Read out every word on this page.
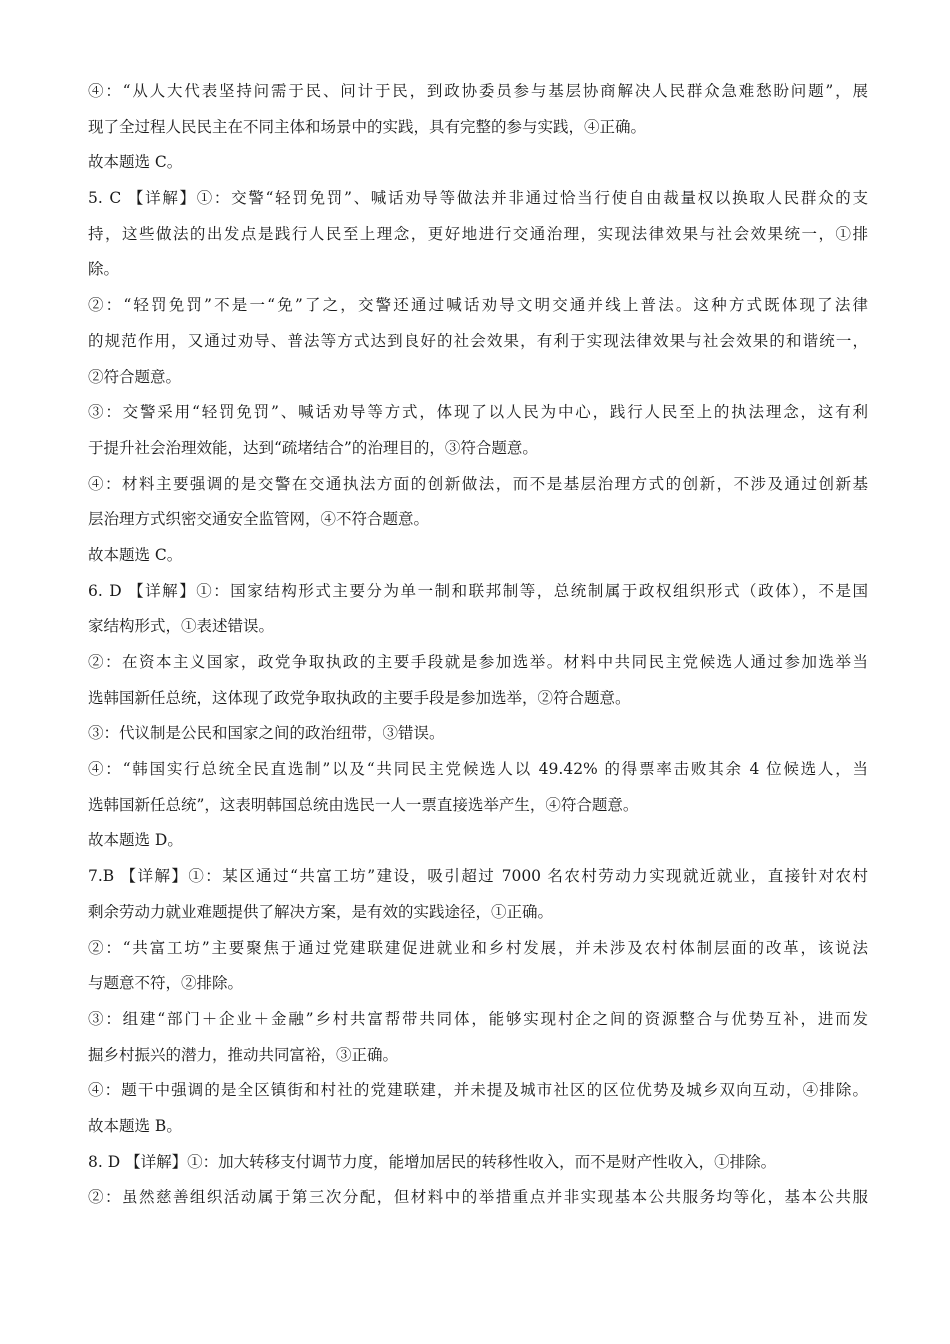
④：“从人大代表坚持问需于民、问计于民，到政协委员参与基层协商解决人民群众急难愁盼问题”，展
现了全过程人民民主在不同主体和场景中的实践，具有完整的参与实践，④正确。
故本题选 C。
5. C 【详解】①：交警“轻罚免罚”、喊话劝导等做法并非通过恰当行使自由裁量权以换取人民群众的支
持，这些做法的出发点是践行人民至上理念，更好地进行交通治理，实现法律效果与社会效果统一，①排
除。
②：“轻罚免罚”不是一“免”了之，交警还通过喊话劝导文明交通并线上普法。这种方式既体现了法律
的规范作用，又通过劝导、普法等方式达到良好的社会效果，有利于实现法律效果与社会效果的和谐统一，
②符合题意。
③：交警采用“轻罚免罚”、喊话劝导等方式，体现了以人民为中心，践行人民至上的执法理念，这有利
于提升社会治理效能，达到“疏堵结合”的治理目的，③符合题意。
④：材料主要强调的是交警在交通执法方面的创新做法，而不是基层治理方式的创新，不涉及通过创新基
层治理方式织密交通安全监管网，④不符合题意。
故本题选 C。
6. D 【详解】①：国家结构形式主要分为单一制和联邦制等，总统制属于政权组织形式（政体），不是国
家结构形式，①表述错误。
②：在资本主义国家，政党争取执政的主要手段就是参加选举。材料中共同民主党候选人通过参加选举当
选韩国新任总统，这体现了政党争取执政的主要手段是参加选举，②符合题意。
③：代议制是公民和国家之间的政治纽带，③错误。
④：“韩国实行总统全民直选制”以及“共同民主党候选人以 49.42% 的得票率击败其余 4 位候选人，当
选韩国新任总统”，这表明韩国总统由选民一人一票直接选举产生，④符合题意。
故本题选 D。
7.B 【详解】①：某区通过“共富工坊”建设，吸引超过 7000 名农村劳动力实现就近就业，直接针对农村
剩余劳动力就业难题提供了解决方案，是有效的实践途径，①正确。
②：“共富工坊”主要聚焦于通过党建联建促进就业和乡村发展，并未涉及农村体制层面的改革，该说法
与题意不符，②排除。
③：组建“部门＋企业＋金融”乡村共富帮带共同体，能够实现村企之间的资源整合与优势互补，进而发
掘乡村振兴的潜力，推动共同富裕，③正确。
④：题干中强调的是全区镇街和村社的党建联建，并未提及城市社区的区位优势及城乡双向互动，④排除。
故本题选 B。
8. D 【详解】①：加大转移支付调节力度，能增加居民的转移性收入，而不是财产性收入，①排除。
②：虽然慈善组织活动属于第三次分配，但材料中的举措重点并非实现基本公共服务均等化，基本公共服
